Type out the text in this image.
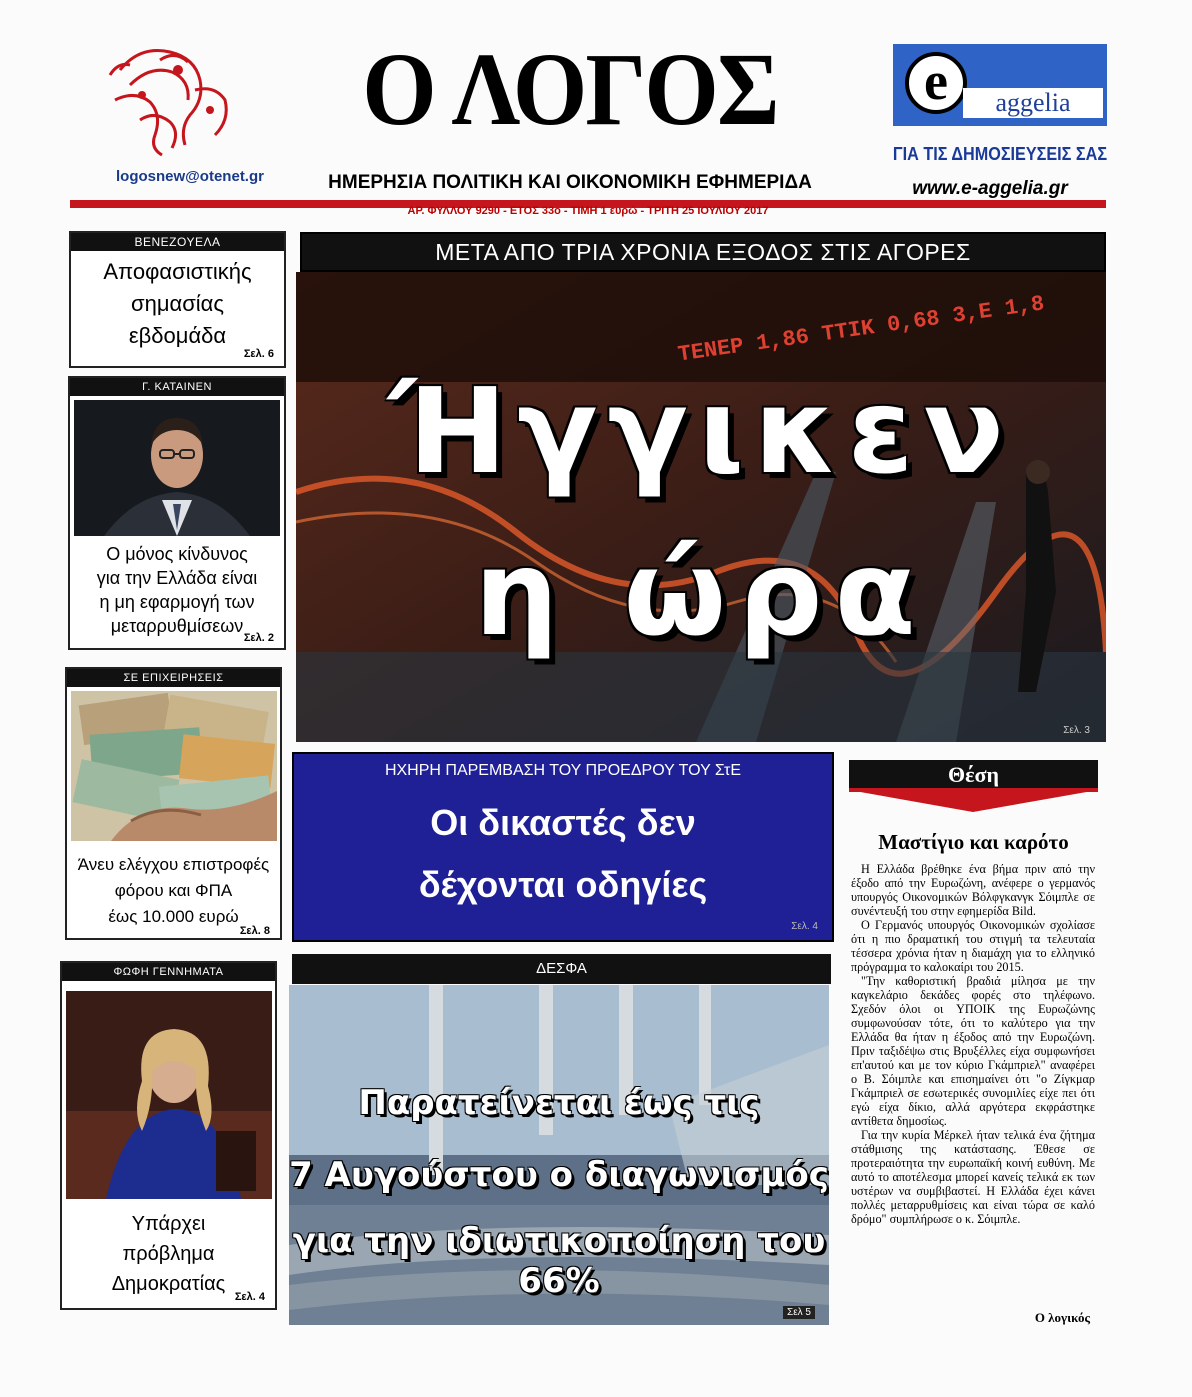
logosnew@otenet.gr
Ο ΛΟΓΟΣ
ΗΜΕΡΗΣΙΑ ΠΟΛΙΤΙΚΗ ΚΑΙ ΟΙΚΟΝΟΜΙΚΗ ΕΦΗΜΕΡΙΔΑ
e	aggelia
ΓΙΑ ΤΙΣ ΔΗΜΟΣΙΕΥΣΕΙΣ ΣΑΣ
www.e-aggelia.gr
ΑΡ. ΦΥΛΛΟΥ 9290 - ΕΤΟΣ 33ο - ΤΙΜΗ 1 ευρώ - ΤΡΙΤΗ 25 ΙΟΥΛΙΟΥ 2017
ΒΕΝΕΖΟΥΕΛΑ
Αποφασιστικής
σημασίας
εβδομάδα
Σελ. 6
Γ. ΚΑΤΑΙΝΕΝ
Ο μόνος κίνδυνος
για την Ελλάδα είναι
η μη εφαρμογή των
μεταρρυθμίσεων
Σελ. 2
ΣΕ ΕΠΙΧΕΙΡΗΣΕΙΣ
Άνευ ελέγχου επιστροφές
φόρου και ΦΠΑ
έως 10.000 ευρώ
Σελ. 8
ΦΩΦΗ ΓΕΝΝΗΜΑΤΑ
Υπάρχει
πρόβλημα
Δημοκρατίας
Σελ. 4
ΜΕΤΑ ΑΠΟ ΤΡΙΑ ΧΡΟΝΙΑ ΕΞΟΔΟΣ ΣΤΙΣ ΑΓΟΡΕΣ
TENEP 1,86 TTIK 0,68 3,E 1,8
Ήγγικεν
η ώρα
Σελ. 3
ΗΧΗΡΗ ΠΑΡΕΜΒΑΣΗ ΤΟΥ ΠΡΟΕΔΡΟΥ ΤΟΥ ΣτΕ
Οι δικαστές δεν
δέχονται οδηγίες
Σελ. 4
ΔΕΣΦΑ
Παρατείνεται έως τις
7 Αυγούστου ο διαγωνισμός
για την ιδιωτικοποίηση του 66%
Σελ 5
Θέση
Μαστίγιο και καρότο

Η Ελλάδα βρέθηκε ένα βήμα πριν από την έξοδο από την Ευρωζώνη, ανέφερε ο γερμανός υπουργός Οικονομικών Βόλφγκανγκ Σόιμπλε σε συνέντευξή του στην εφημερίδα Bild.

Ο Γερμανός υπουργός Οικονομικών σχολίασε ότι η πιο δραματική του στιγμή τα τελευταία τέσσερα χρόνια ήταν η διαμάχη για το ελληνικό πρόγραμμα το καλοκαίρι του 2015.

"Την καθοριστική βραδιά μίλησα με την καγκελάριο δεκάδες φορές στο τηλέφωνο. Σχεδόν όλοι οι ΥΠΟΙΚ της Ευρωζώνης συμφωνούσαν τότε, ότι το καλύτερο για την Ελλάδα θα ήταν η έξοδος από την Ευρωζώνη. Πριν ταξιδέψω στις Βρυξέλλες είχα συμφωνήσει επ'αυτού και με τον κύριο Γκάμπριελ" αναφέρει ο Β. Σόιμπλε και επισημαίνει ότι "ο Ζίγκμαρ Γκάμπριελ σε εσωτερικές συνομιλίες είχε πει ότι εγώ είχα δίκιο, αλλά αργότερα εκφράστηκε αντίθετα δημοσίως.

Για την κυρία Μέρκελ ήταν τελικά ένα ζήτημα στάθμισης της κατάστασης. Έθεσε σε προτεραιότητα την ευρωπαϊκή κοινή ευθύνη. Με αυτό το αποτέλεσμα μπορεί κανείς τελικά εκ των υστέρων να συμβιβαστεί. Η Ελλάδα έχει κάνει πολλές μεταρρυθμίσεις και είναι τώρα σε καλό δρόμο" συμπλήρωσε ο κ. Σόιμπλε.

Ο λογικός
